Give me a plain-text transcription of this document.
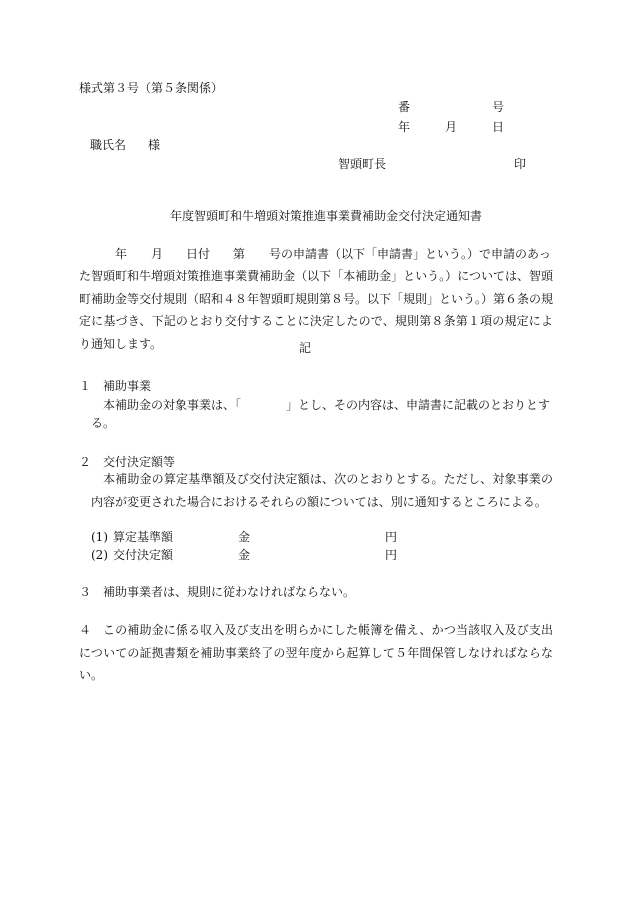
様式第３号（第５条関係）
番	号
年	月	日
職氏名 様
智頭町長	印
年度智頭町和牛増頭対策推進事業費補助金交付決定通知書
年 月 日付 第 号の申請書（以下「申請書」という。）で申請のあっ
た智頭町和牛増頭対策推進事業費補助金（以下「本補助金」という。）については、智頭町補助金等交付規則（昭和４８年智頭町規則第８号。以下「規則」という。）第６条の規定に基づき、下記のとおり交付することに決定したので、規則第８条第１項の規定により通知します。	記
１ 補助事業
本補助金の対象事業は、「	」とし、その内容は、申請書に記載のとおりとす
る。
２ 交付決定額等
本補助金の算定基準額及び交付決定額は、次のとおりとする。ただし、対象事業の内容が変更された場合におけるそれらの額については、別に通知するところによる。
(1) 算定基準額	金	円
(2) 交付決定額	金	円
３ 補助事業者は、規則に従わなければならない。
４ この補助金に係る収入及び支出を明らかにした帳簿を備え、かつ当該収入及び支出についての証拠書類を補助事業終了の翌年度から起算して５年間保管しなければならない。
